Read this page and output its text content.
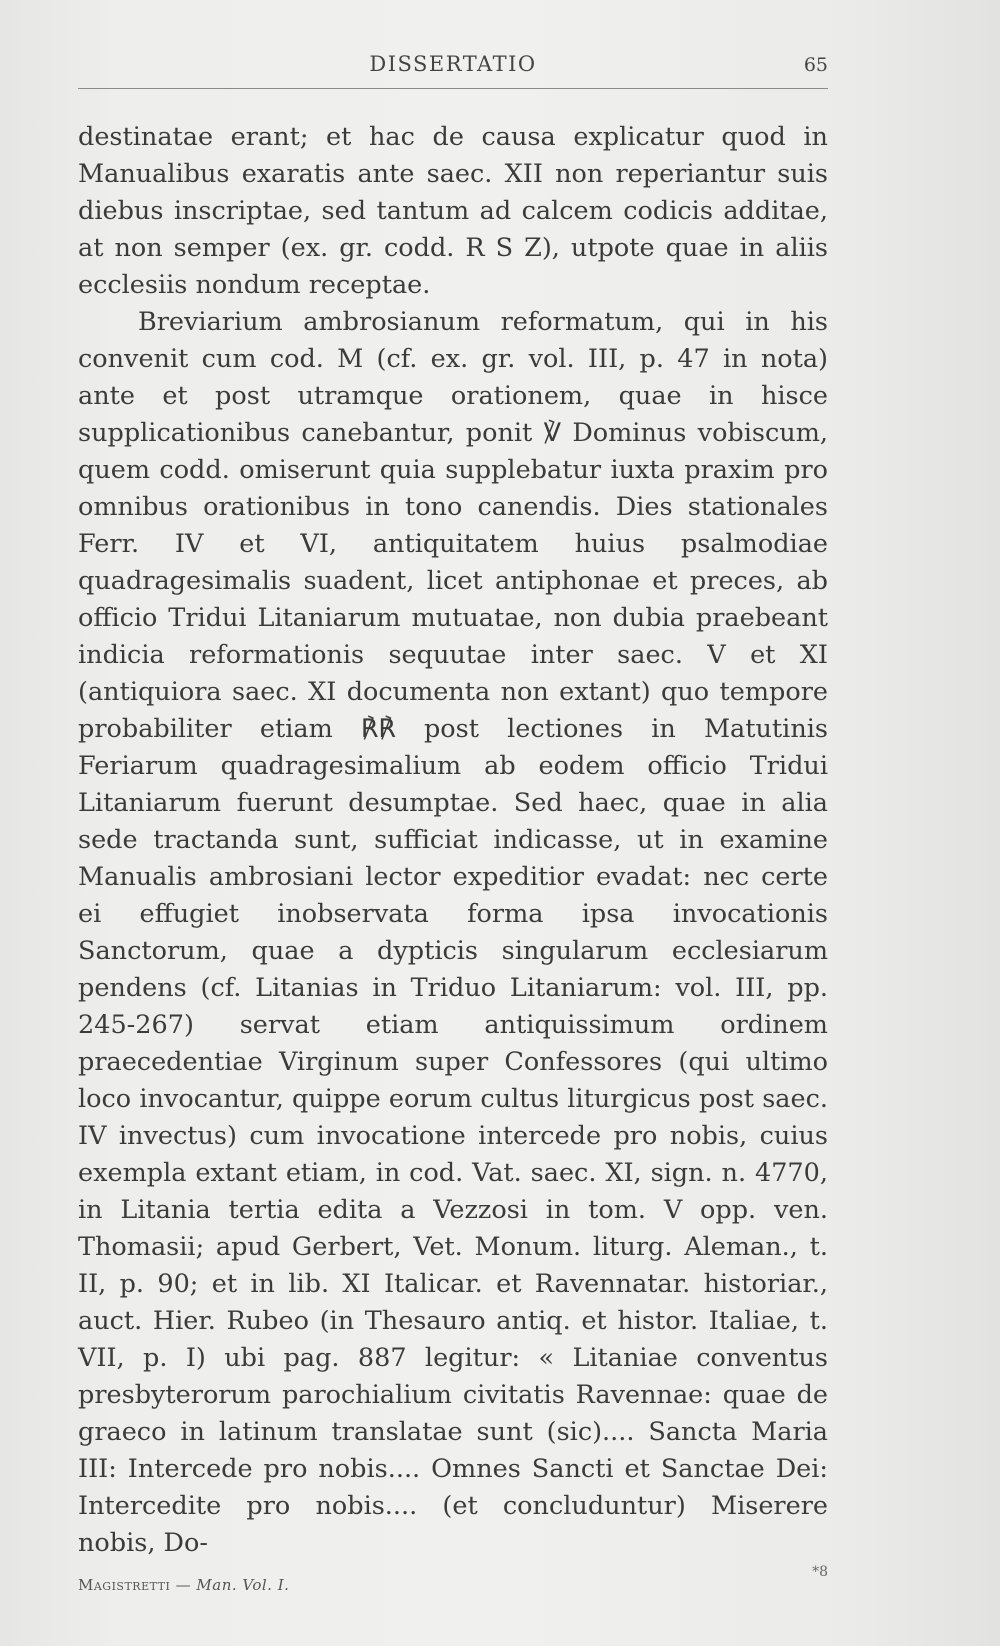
DISSERTATIO	65

destinatae erant; et hac de causa explicatur quod in Manualibus exaratis ante saec. XII non reperiantur suis diebus inscriptae, sed tantum ad calcem codicis additae, at non semper (ex. gr. codd. R S Z), utpote quae in aliis ecclesiis nondum receptae.

Breviarium ambrosianum reformatum, qui in his convenit cum cod. M (cf. ex. gr. vol. III, p. 47 in nota) ante et post utramque orationem, quae in hisce supplicationibus canebantur, ponit ℣ Dominus vobiscum, quem codd. omiserunt quia supplebatur iuxta praxim pro omnibus orationibus in tono canendis. Dies stationales Ferr. IV et VI, antiquitatem huius psalmodiae quadragesimalis suadent, licet antiphonae et preces, ab officio Tridui Litaniarum mutuatae, non dubia praebeant indicia reformationis sequutae inter saec. V et XI (antiquiora saec. XI documenta non extant) quo tempore probabiliter etiam ℟℟ post lectiones in Matutinis Feriarum quadragesimalium ab eodem officio Tridui Litaniarum fuerunt desumptae. Sed haec, quae in alia sede tractanda sunt, sufficiat indicasse, ut in examine Manualis ambrosiani lector expeditior evadat: nec certe ei effugiet inobservata forma ipsa invocationis Sanctorum, quae a dypticis singularum ecclesiarum pendens (cf. Litanias in Triduo Litaniarum: vol. III, pp. 245-267) servat etiam antiquissimum ordinem praecedentiae Virginum super Confessores (qui ultimo loco invocantur, quippe eorum cultus liturgicus post saec. IV invectus) cum invocatione intercede pro nobis, cuius exempla extant etiam, in cod. Vat. saec. XI, sign. n. 4770, in Litania tertia edita a Vezzosi in tom. V opp. ven. Thomasii; apud Gerbert, Vet. Monum. liturg. Aleman., t. II, p. 90; et in lib. XI Italicar. et Ravennatar. historiar., auct. Hier. Rubeo (in Thesauro antiq. et histor. Italiae, t. VII, p. I) ubi pag. 887 legitur: « Litaniae conventus presbyterorum parochialium civitatis Ravennae: quae de graeco in latinum translatae sunt (sic).... Sancta Maria III: Intercede pro nobis.... Omnes Sancti et Sanctae Dei: Intercedite pro nobis.... (et concluduntur) Miserere nobis, Do-

*8
Magistretti — Man. Vol. I.
